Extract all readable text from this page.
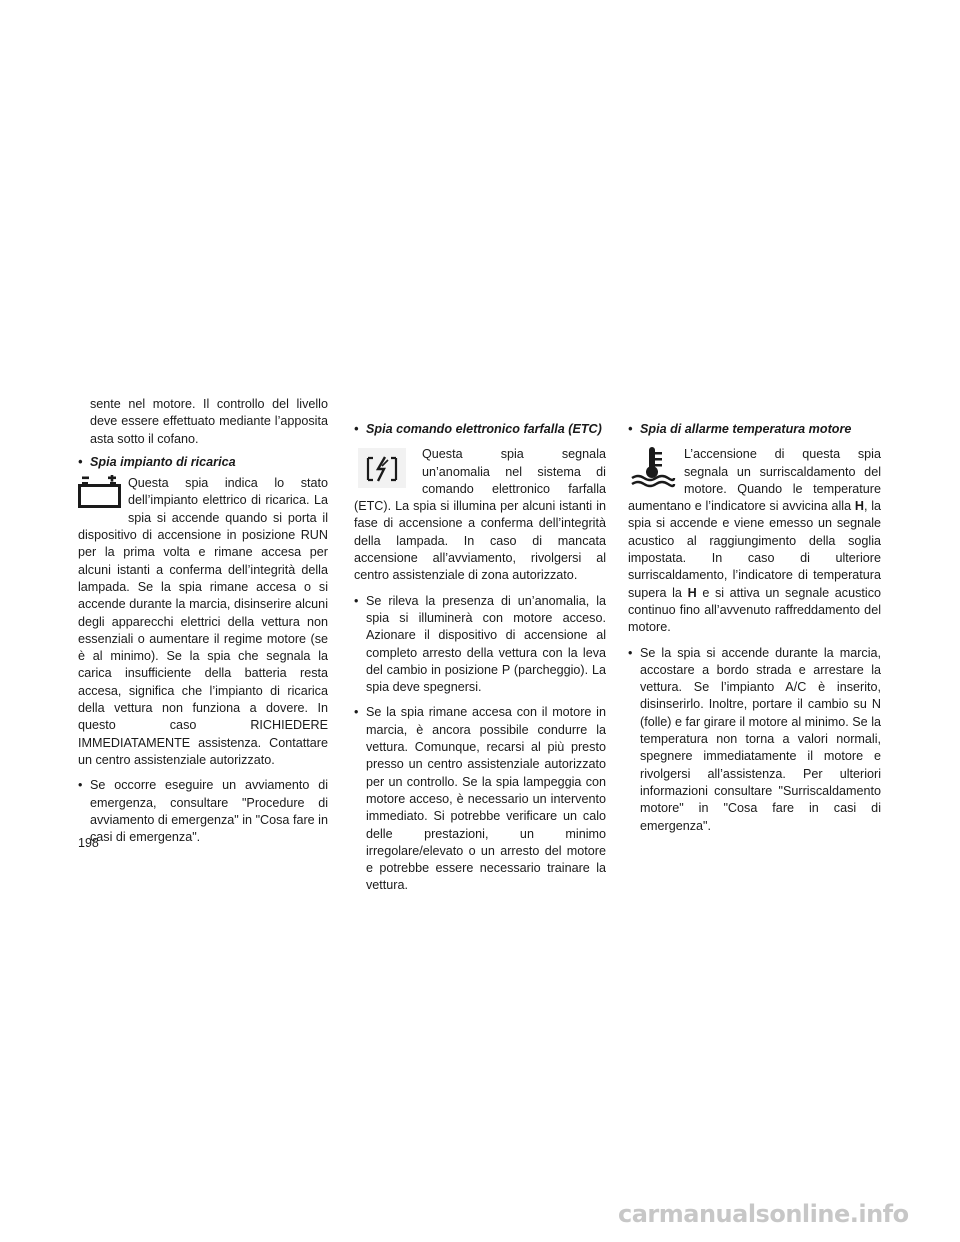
sente nel motore. Il controllo del livello deve essere effettuato mediante l’apposita asta sotto il cofano.

• Spia impianto di ricarica

Questa spia indica lo stato dell’impianto elettrico di ricarica. La spia si accende quando si porta il dispositivo di accensione in posizione RUN per la prima volta e rimane accesa per alcuni istanti a conferma dell’integrità della lampada. Se la spia rimane accesa o si accende durante la marcia, disinserire alcuni degli apparecchi elettrici della vettura non essenziali o aumentare il regime motore (se è al minimo). Se la spia che segnala la carica insufficiente della batteria resta accesa, significa che l’impianto di ricarica della vettura non funziona a dovere. In questo caso RICHIEDERE IMMEDIATAMENTE assistenza. Contattare un centro assistenziale autorizzato.

• Se occorre eseguire un avviamento di emergenza, consultare "Procedure di avviamento di emergenza" in "Cosa fare in casi di emergenza".
• Spia comando elettronico farfalla (ETC)

Questa spia segnala un’anomalia nel sistema di comando elettronico farfalla (ETC). La spia si illumina per alcuni istanti in fase di accensione a conferma dell’integrità della lampada. In caso di mancata accensione all’avviamento, rivolgersi al centro assistenziale di zona autorizzato.

• Se rileva la presenza di un’anomalia, la spia si illuminerà con motore acceso. Azionare il dispositivo di accensione al completo arresto della vettura con la leva del cambio in posizione P (parcheggio). La spia deve spegnersi.
• Se la spia rimane accesa con il motore in marcia, è ancora possibile condurre la vettura. Comunque, recarsi al più presto presso un centro assistenziale autorizzato per un controllo. Se la spia lampeggia con motore acceso, è necessario un intervento immediato. Si potrebbe verificare un calo delle prestazioni, un minimo irregolare/elevato o un arresto del motore e potrebbe essere necessario trainare la vettura.
• Spia di allarme temperatura motore

L’accensione di questa spia segnala un surriscaldamento del motore. Quando le temperature aumentano e l’indicatore si avvicina alla H, la spia si accende e viene emesso un segnale acustico al raggiungimento della soglia impostata. In caso di ulteriore surriscaldamento, l’indicatore di temperatura supera la H e si attiva un segnale acustico continuo fino all’avvenuto raffreddamento del motore.

• Se la spia si accende durante la marcia, accostare a bordo strada e arrestare la vettura. Se l’impianto A/C è inserito, disinserirlo. Inoltre, portare il cambio su N (folle) e far girare il motore al minimo. Se la temperatura non torna a valori normali, spegnere immediatamente il motore e rivolgersi all’assistenza. Per ulteriori informazioni consultare "Surriscaldamento motore" in "Cosa fare in casi di emergenza".
198
carmanualsonline.info
